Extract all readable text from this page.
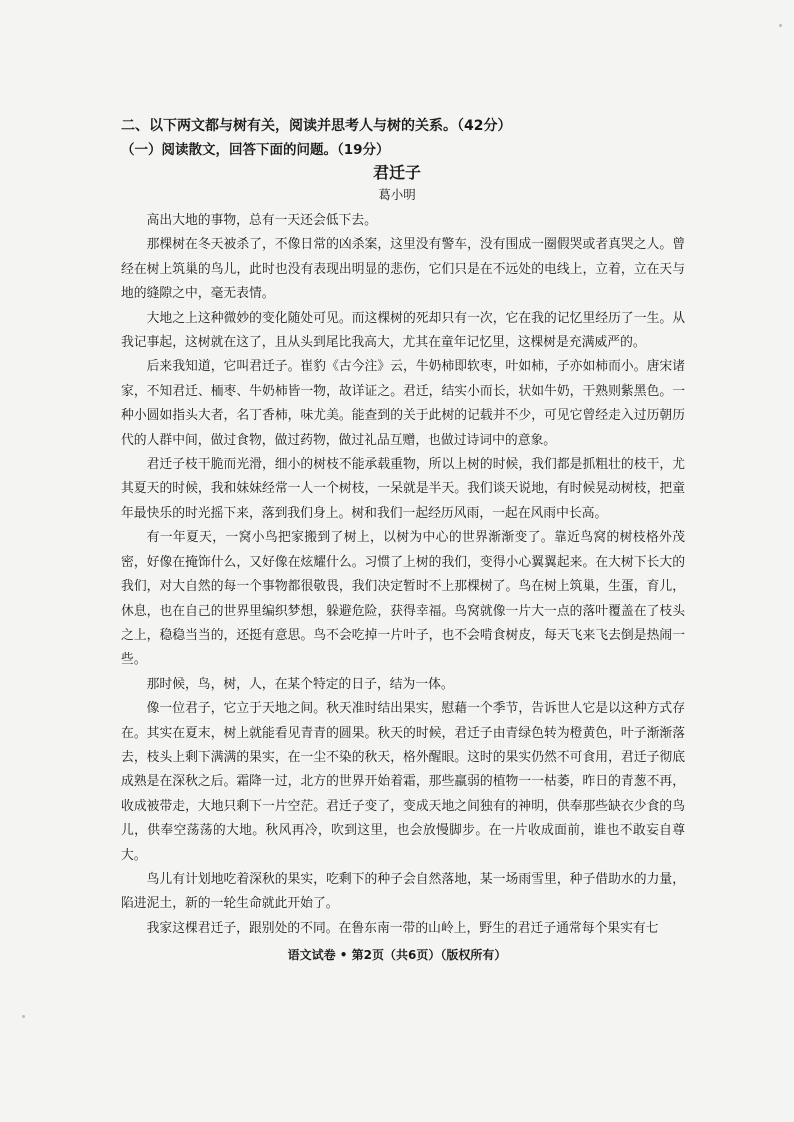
二、以下两文都与树有关，阅读并思考人与树的关系。（42分）
（一）阅读散文，回答下面的问题。（19分）
君迁子
葛小明

高出大地的事物，总有一天还会低下去。

那棵树在冬天被杀了，不像日常的凶杀案，这里没有警车，没有围成一圈假哭或者真哭之人。曾经在树上筑巢的鸟儿，此时也没有表现出明显的悲伤，它们只是在不远处的电线上，立着，立在天与地的缝隙之中，毫无表情。

大地之上这种微妙的变化随处可见。而这棵树的死却只有一次，它在我的记忆里经历了一生。从我记事起，这树就在这了，且从头到尾比我高大，尤其在童年记忆里，这棵树是充满威严的。

后来我知道，它叫君迁子。崔豹《古今注》云，牛奶柿即软枣，叶如柿，子亦如柿而小。唐宋诸家，不知君迁、栭枣、牛奶柿皆一物，故详证之。君迁，结实小而长，状如牛奶，干熟则紫黑色。一种小圆如指头大者，名丁香柿，味尤美。能查到的关于此树的记载并不少，可见它曾经走入过历朝历代的人群中间，做过食物，做过药物，做过礼品互赠，也做过诗词中的意象。

君迁子枝干脆而光滑，细小的树枝不能承载重物，所以上树的时候，我们都是抓粗壮的枝干，尤其夏天的时候，我和妹妹经常一人一个树枝，一呆就是半天。我们谈天说地，有时候晃动树枝，把童年最快乐的时光摇下来，落到我们身上。树和我们一起经历风雨，一起在风雨中长高。

有一年夏天，一窝小鸟把家搬到了树上，以树为中心的世界渐渐变了。靠近鸟窝的树枝格外茂密，好像在掩饰什么，又好像在炫耀什么。习惯了上树的我们，变得小心翼翼起来。在大树下长大的我们，对大自然的每一个事物都很敬畏，我们决定暂时不上那棵树了。鸟在树上筑巢，生蛋，育儿，休息，也在自己的世界里编织梦想，躲避危险，获得幸福。鸟窝就像一片大一点的落叶覆盖在了枝头之上，稳稳当当的，还挺有意思。鸟不会吃掉一片叶子，也不会啃食树皮，每天飞来飞去倒是热闹一些。

那时候，鸟，树，人，在某个特定的日子，结为一体。

像一位君子，它立于天地之间。秋天准时结出果实，慰藉一个季节，告诉世人它是以这种方式存在。其实在夏末，树上就能看见青青的圆果。秋天的时候，君迁子由青绿色转为橙黄色，叶子渐渐落去，枝头上剩下满满的果实，在一尘不染的秋天，格外醒眼。这时的果实仍然不可食用，君迁子彻底成熟是在深秋之后。霜降一过，北方的世界开始着霜，那些羸弱的植物一一枯萎，昨日的青葱不再，收成被带走，大地只剩下一片空茫。君迁子变了，变成天地之间独有的神明，供奉那些缺衣少食的鸟儿，供奉空荡荡的大地。秋风再冷，吹到这里，也会放慢脚步。在一片收成面前，谁也不敢妄自尊大。

鸟儿有计划地吃着深秋的果实，吃剩下的种子会自然落地，某一场雨雪里，种子借助水的力量，陷进泥土，新的一轮生命就此开始了。

我家这棵君迁子，跟别处的不同。在鲁东南一带的山岭上，野生的君迁子通常每个果实有七

语文试卷 • 第2页（共6页）（版权所有）
